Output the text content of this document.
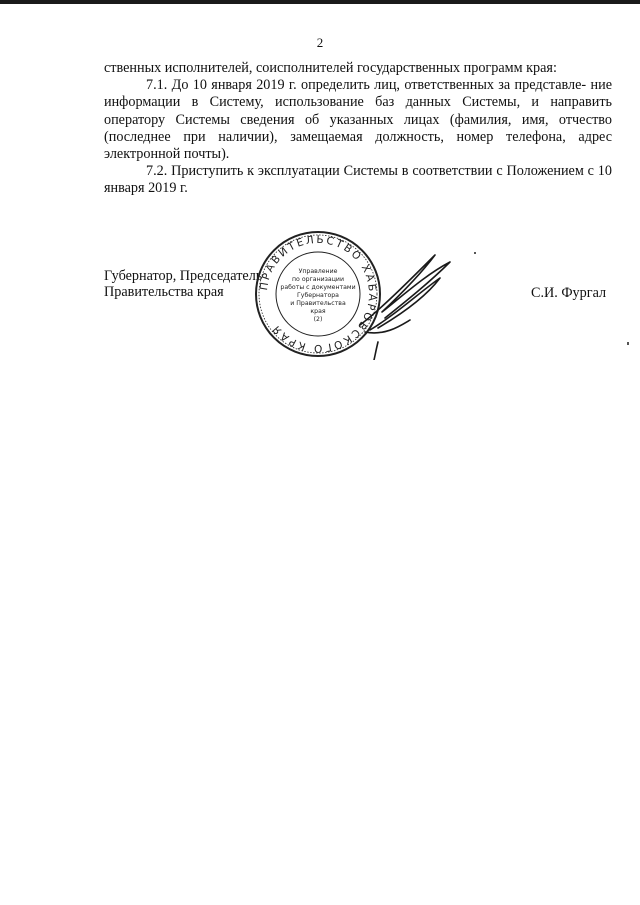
2

ственных исполнителей, соисполнителей государственных программ края:

7.1. До 10 января 2019 г. определить лиц, ответственных за представле- ние информации в Систему, использование баз данных Системы, и направить оператору Системы сведения об указанных лицах (фамилия, имя, отчество (последнее при наличии), замещаемая должность, номер телефона, адрес электронной почты).

7.2. Приступить к эксплуатации Системы в соответствии с Положением с 10 января 2019 г.

Губернатор, Председатель
Правительства края	С.И. Фургал
ПРАВИТЕЛЬСТВО ХАБАРОВСКОГО КРАЯ
Управление
по организации
работы с документами
Губернатора
и Правительства
края
(2)
